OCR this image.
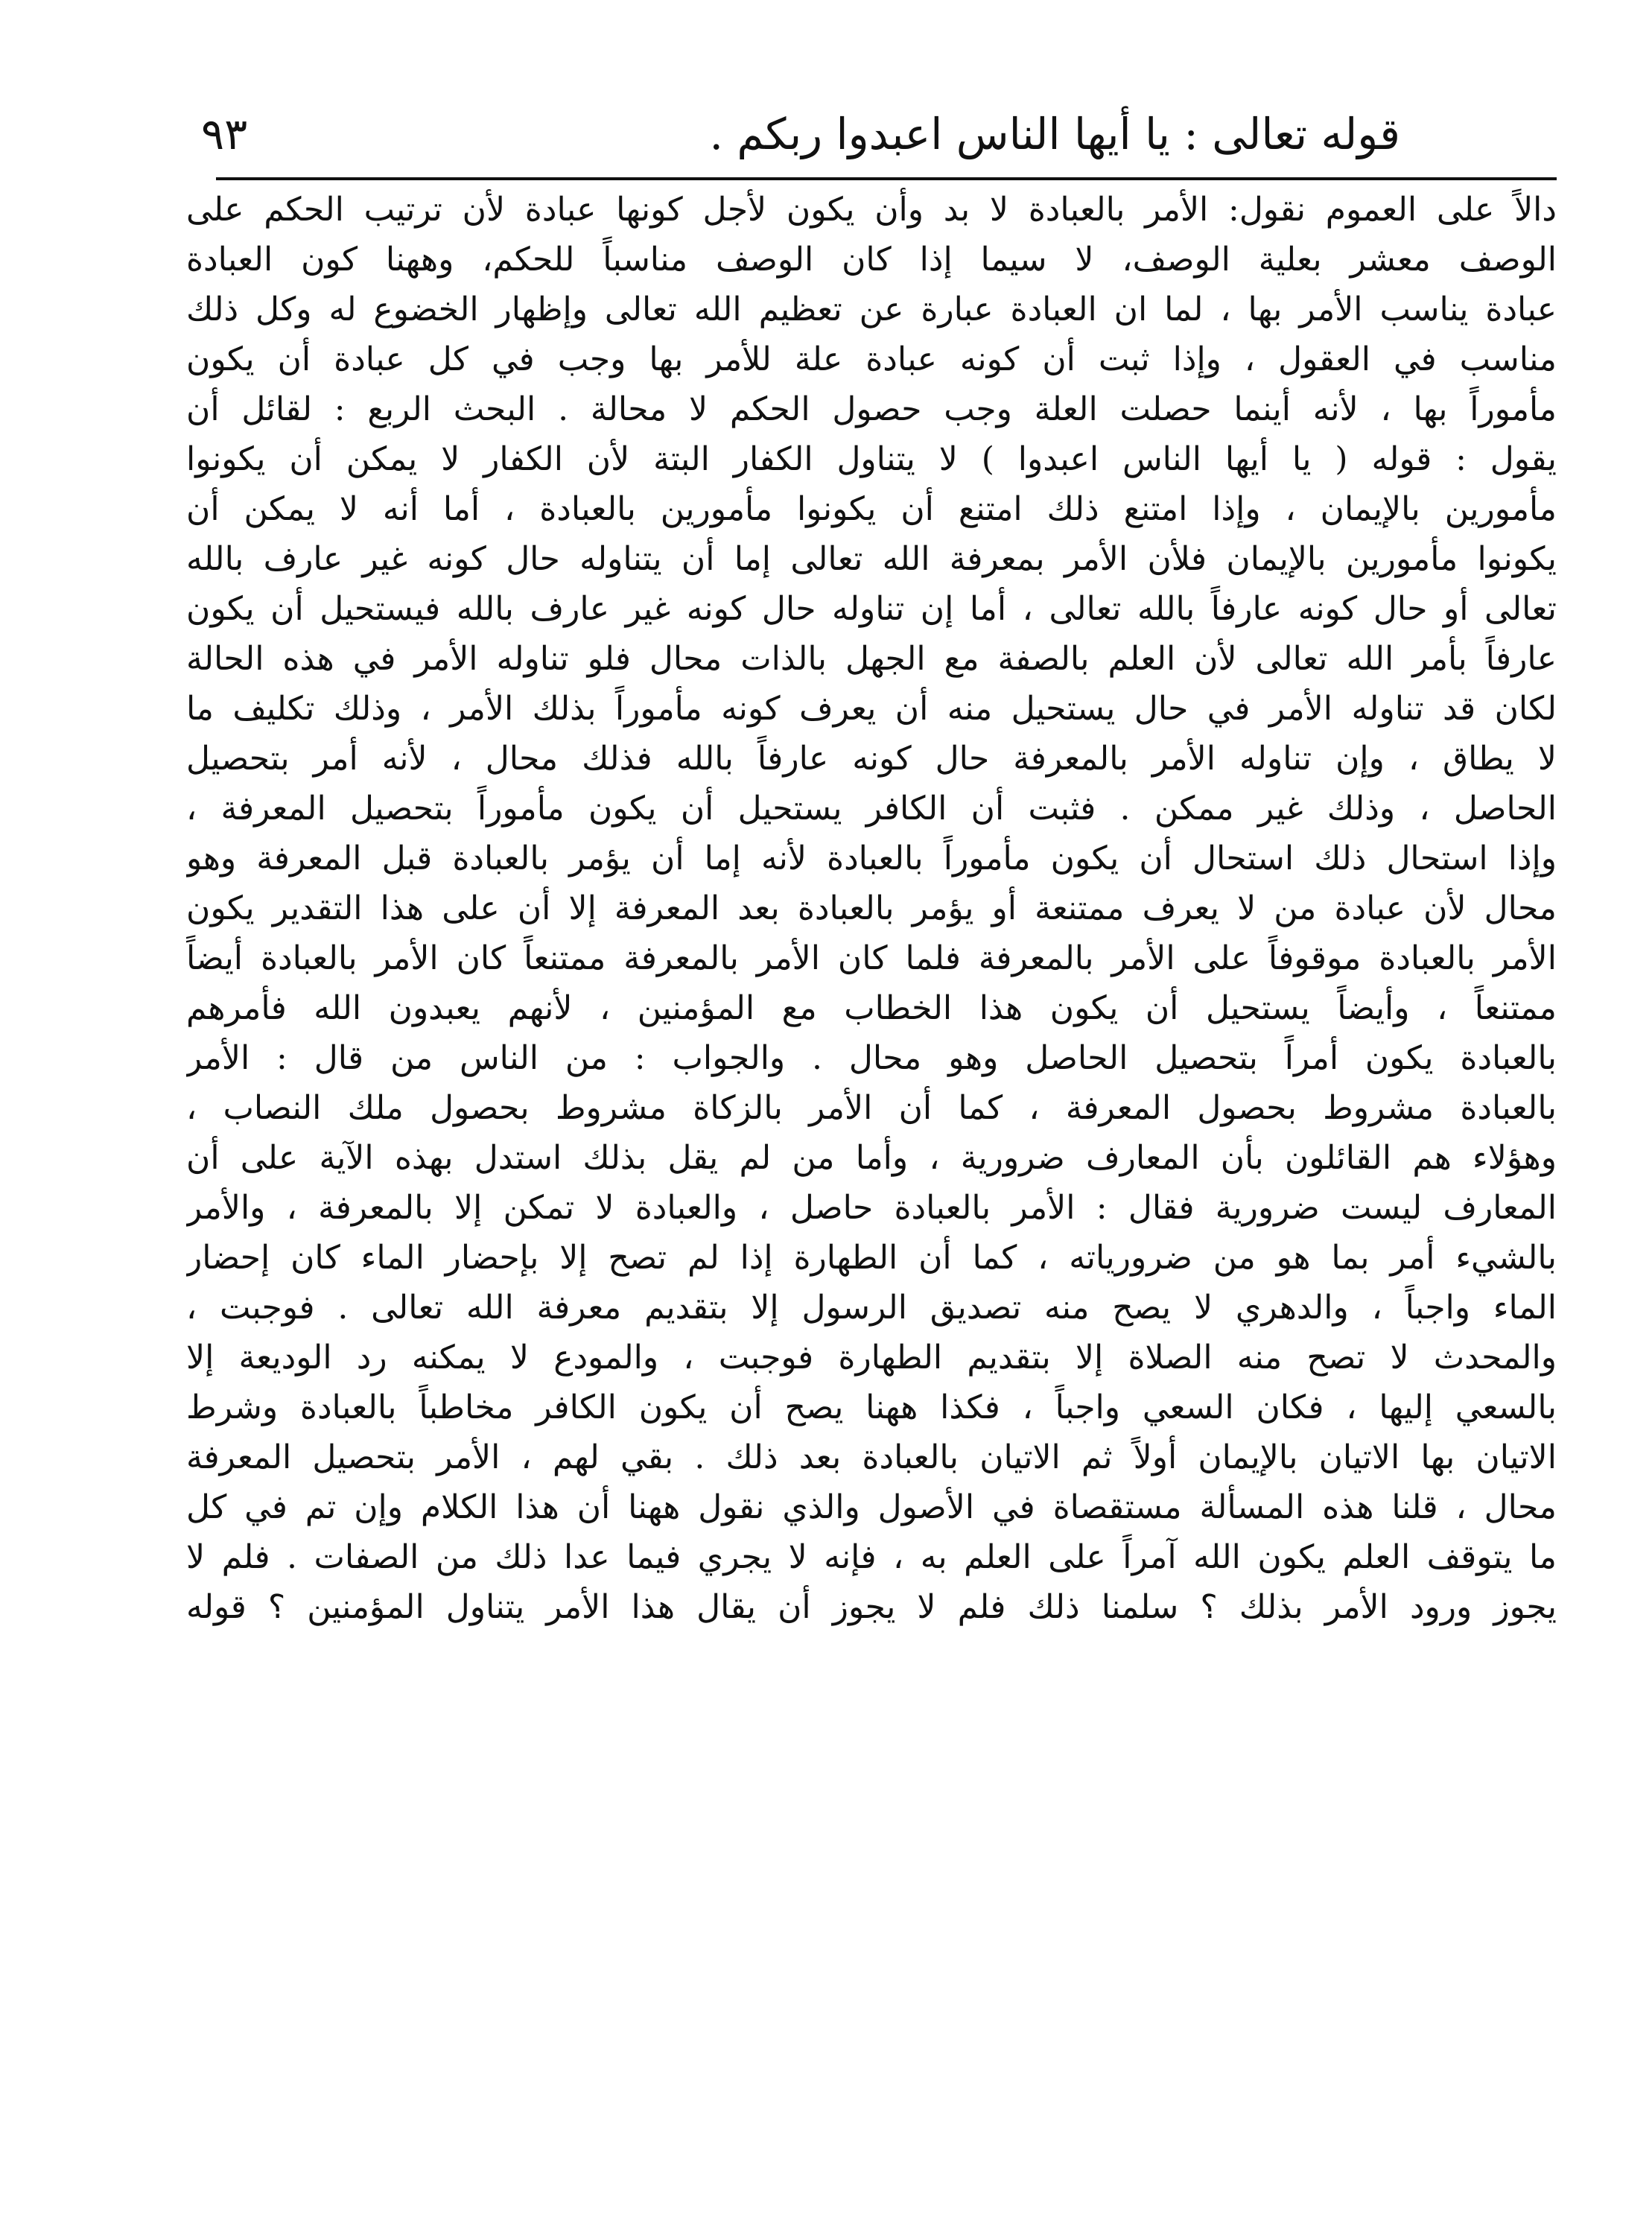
قوله تعالى : يا أيها الناس اعبدوا ربكم .
٩٣
دالاً على العموم نقول: الأمر بالعبادة لا بد وأن يكون لأجل كونها عبادة لأن ترتيب الحكم على
الوصف معشر بعلية الوصف، لا سيما إذا كان الوصف مناسباً للحكم، وههنا كون العبادة
عبادة يناسب الأمر بها ، لما ان العبادة عبارة عن تعظيم الله تعالى وإظهار الخضوع له وكل ذلك
مناسب في العقول ، وإذا ثبت أن كونه عبادة علة للأمر بها وجب في كل عبادة أن يكون
مأموراً بها ، لأنه أينما حصلت العلة وجب حصول الحكم لا محالة . البحث الربع : لقائل أن
يقول : قوله ( يا أيها الناس اعبدوا ) لا يتناول الكفار البتة لأن الكفار لا يمكن أن يكونوا
مأمورين بالإيمان ، وإذا امتنع ذلك امتنع أن يكونوا مأمورين بالعبادة ، أما أنه لا يمكن أن
يكونوا مأمورين بالإيمان فلأن الأمر بمعرفة الله تعالى إما أن يتناوله حال كونه غير عارف بالله
تعالى أو حال كونه عارفاً بالله تعالى ، أما إن تناوله حال كونه غير عارف بالله فيستحيل أن يكون
عارفاً بأمر الله تعالى لأن العلم بالصفة مع الجهل بالذات محال فلو تناوله الأمر في هذه الحالة
لكان قد تناوله الأمر في حال يستحيل منه أن يعرف كونه مأموراً بذلك الأمر ، وذلك تكليف ما
لا يطاق ، وإن تناوله الأمر بالمعرفة حال كونه عارفاً بالله فذلك محال ، لأنه أمر بتحصيل
الحاصل ، وذلك غير ممكن . فثبت أن الكافر يستحيل أن يكون مأموراً بتحصيل المعرفة ،
وإذا استحال ذلك استحال أن يكون مأموراً بالعبادة لأنه إما أن يؤمر بالعبادة قبل المعرفة وهو
محال لأن عبادة من لا يعرف ممتنعة أو يؤمر بالعبادة بعد المعرفة إلا أن على هذا التقدير يكون
الأمر بالعبادة موقوفاً على الأمر بالمعرفة فلما كان الأمر بالمعرفة ممتنعاً كان الأمر بالعبادة أيضاً
ممتنعاً ، وأيضاً يستحيل أن يكون هذا الخطاب مع المؤمنين ، لأنهم يعبدون الله فأمرهم
بالعبادة يكون أمراً بتحصيل الحاصل وهو محال . والجواب : من الناس من قال : الأمر
بالعبادة مشروط بحصول المعرفة ، كما أن الأمر بالزكاة مشروط بحصول ملك النصاب ،
وهؤلاء هم القائلون بأن المعارف ضرورية ، وأما من لم يقل بذلك استدل بهذه الآية على أن
المعارف ليست ضرورية فقال : الأمر بالعبادة حاصل ، والعبادة لا تمكن إلا بالمعرفة ، والأمر
بالشيء أمر بما هو من ضرورياته ، كما أن الطهارة إذا لم تصح إلا بإحضار الماء كان إحضار
الماء واجباً ، والدهري لا يصح منه تصديق الرسول إلا بتقديم معرفة الله تعالى . فوجبت ،
والمحدث لا تصح منه الصلاة إلا بتقديم الطهارة فوجبت ، والمودع لا يمكنه رد الوديعة إلا
بالسعي إليها ، فكان السعي واجباً ، فكذا ههنا يصح أن يكون الكافر مخاطباً بالعبادة وشرط
الاتيان بها الاتيان بالإيمان أولاً ثم الاتيان بالعبادة بعد ذلك . بقي لهم ، الأمر بتحصيل المعرفة
محال ، قلنا هذه المسألة مستقصاة في الأصول والذي نقول ههنا أن هذا الكلام وإن تم في كل
ما يتوقف العلم يكون الله آمراً على العلم به ، فإنه لا يجري فيما عدا ذلك من الصفات . فلم لا
يجوز ورود الأمر بذلك ؟ سلمنا ذلك فلم لا يجوز أن يقال هذا الأمر يتناول المؤمنين ؟ قوله
